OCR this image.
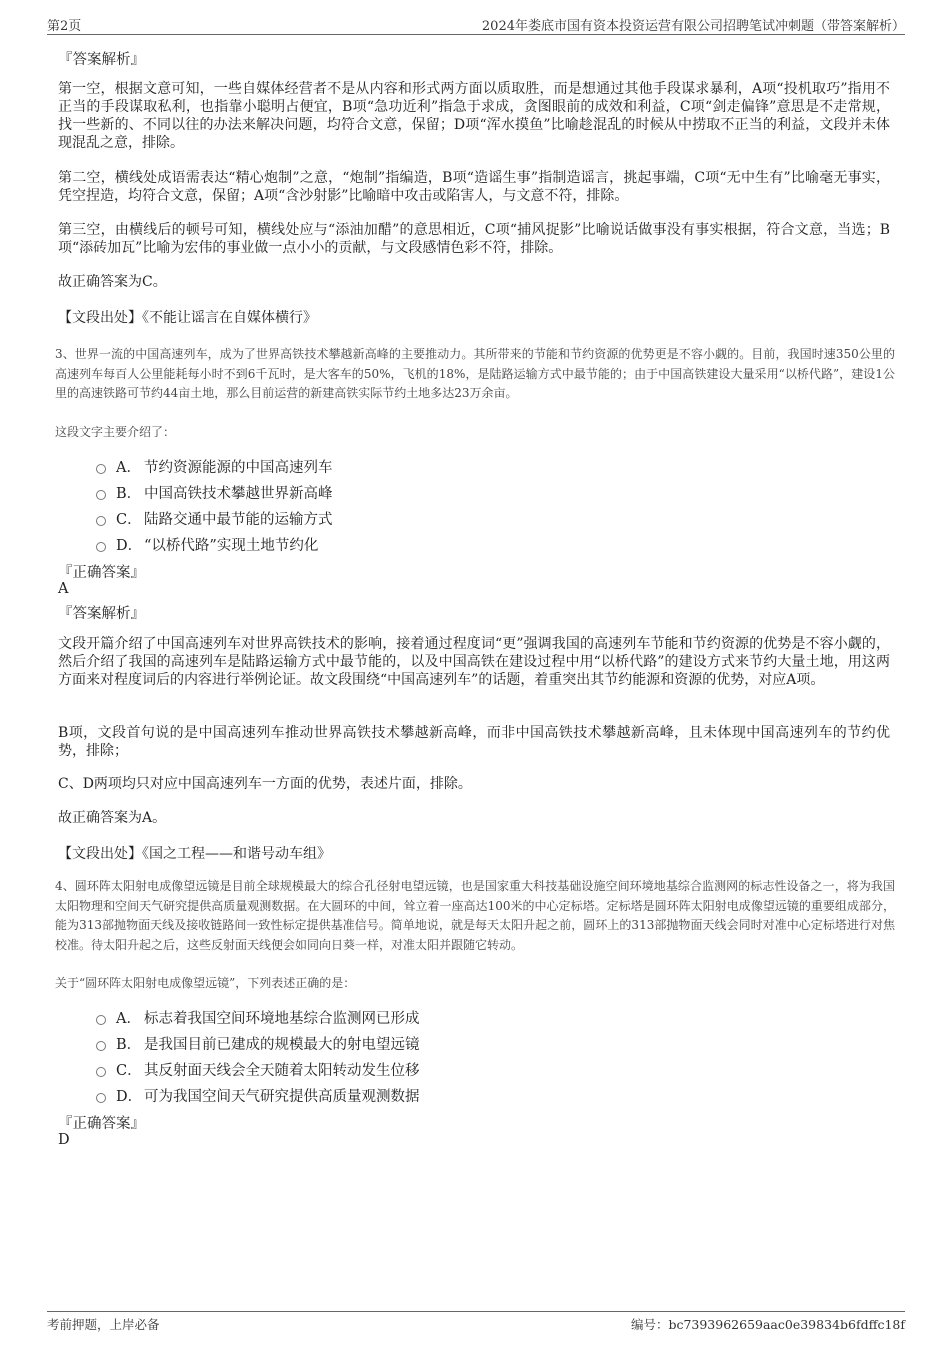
第2页	2024年娄底市国有资本投资运营有限公司招聘笔试冲刺题（带答案解析）
『答案解析』
第一空，根据文意可知，一些自媒体经营者不是从内容和形式两方面以质取胜，而是想通过其他手段谋求暴利，A项“投机取巧”指用不正当的手段谋取私利，也指靠小聪明占便宜，B项“急功近利”指急于求成，贪图眼前的成效和利益，C项“剑走偏锋”意思是不走常规，找一些新的、不同以往的办法来解决问题，均符合文意，保留；D项“浑水摸鱼”比喻趁混乱的时候从中捞取不正当的利益，文段并未体现混乱之意，排除。
第二空，横线处成语需表达“精心炮制”之意，“炮制”指编造，B项“造谣生事”指制造谣言，挑起事端，C项“无中生有”比喻毫无事实，凭空捏造，均符合文意，保留；A项“含沙射影”比喻暗中攻击或陷害人，与文意不符，排除。
第三空，由横线后的顿号可知，横线处应与“添油加醋”的意思相近，C项“捕风捉影”比喻说话做事没有事实根据，符合文意，当选；B项“添砖加瓦”比喻为宏伟的事业做一点小小的贡献，与文段感情色彩不符，排除。
故正确答案为C。
【文段出处】《不能让谣言在自媒体横行》
3、世界一流的中国高速列车，成为了世界高铁技术攀越新高峰的主要推动力。其所带来的节能和节约资源的优势更是不容小觑的。目前，我国时速350公里的高速列车每百人公里能耗每小时不到6千瓦时，是大客车的50%，飞机的18%，是陆路运输方式中最节能的；由于中国高铁建设大量采用“以桥代路”，建设1公里的高速铁路可节约44亩土地，那么目前运营的新建高铁实际节约土地多达23万余亩。
这段文字主要介绍了：
A． 节约资源能源的中国高速列车
B． 中国高铁技术攀越世界新高峰
C． 陆路交通中最节能的运输方式
D． “以桥代路”实现土地节约化
『正确答案』
A
『答案解析』
文段开篇介绍了中国高速列车对世界高铁技术的影响，接着通过程度词“更”强调我国的高速列车节能和节约资源的优势是不容小觑的，然后介绍了我国的高速列车是陆路运输方式中最节能的，以及中国高铁在建设过程中用“以桥代路”的建设方式来节约大量土地，用这两方面来对程度词后的内容进行举例论证。故文段围绕“中国高速列车”的话题，着重突出其节约能源和资源的优势，对应A项。
B项，文段首句说的是中国高速列车推动世界高铁技术攀越新高峰，而非中国高铁技术攀越新高峰，且未体现中国高速列车的节约优势，排除；
C、D两项均只对应中国高速列车一方面的优势，表述片面，排除。
故正确答案为A。
【文段出处】《国之工程——和谐号动车组》
4、圆环阵太阳射电成像望远镜是目前全球规模最大的综合孔径射电望远镜，也是国家重大科技基础设施空间环境地基综合监测网的标志性设备之一，将为我国太阳物理和空间天气研究提供高质量观测数据。在大圆环的中间，耸立着一座高达100米的中心定标塔。定标塔是圆环阵太阳射电成像望远镜的重要组成部分，能为313部抛物面天线及接收链路间一致性标定提供基准信号。简单地说，就是每天太阳升起之前，圆环上的313部抛物面天线会同时对准中心定标塔进行对焦校准。待太阳升起之后，这些反射面天线便会如同向日葵一样，对准太阳并跟随它转动。
关于“圆环阵太阳射电成像望远镜”，下列表述正确的是：
A． 标志着我国空间环境地基综合监测网已形成
B． 是我国目前已建成的规模最大的射电望远镜
C． 其反射面天线会全天随着太阳转动发生位移
D． 可为我国空间天气研究提供高质量观测数据
『正确答案』
D
考前押题，上岸必备	编号：bc7393962659aac0e39834b6fdffc18f
